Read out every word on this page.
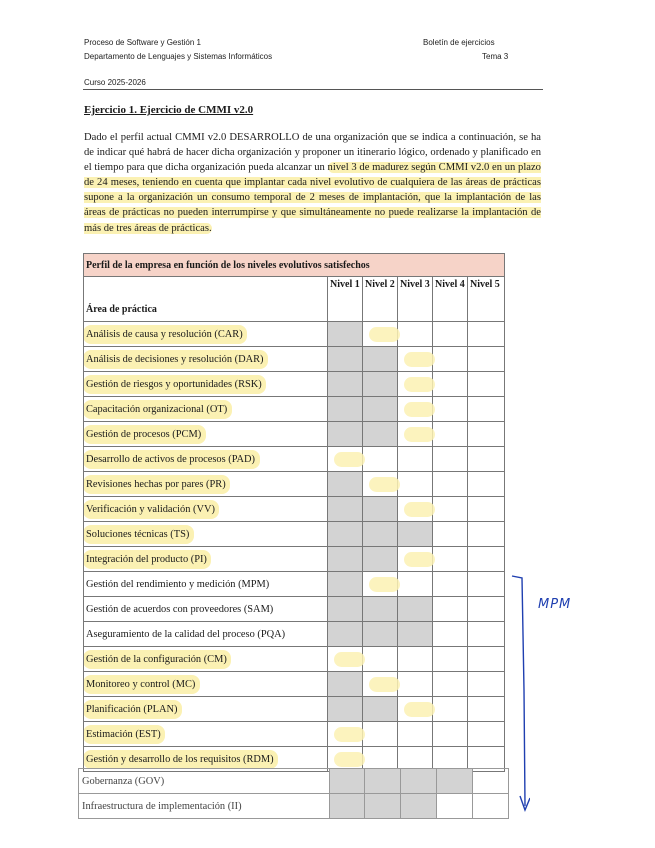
Proceso de Software y Gestión 1
Departamento de Lenguajes y Sistemas Informáticos
Boletín de ejercicios
Tema 3
Curso 2025-2026
Ejercicio 1. Ejercicio de CMMI v2.0
Dado el perfil actual CMMI v2.0 DESARROLLO de una organización que se indica a continuación, se ha de indicar qué habrá de hacer dicha organización y proponer un itinerario lógico, ordenado y planificado en el tiempo para que dicha organización pueda alcanzar un nivel 3 de madurez según CMMI v2.0 en un plazo de 24 meses, teniendo en cuenta que implantar cada nivel evolutivo de cualquiera de las áreas de prácticas supone a la organización un consumo temporal de 2 meses de implantación, que la implantación de las áreas de prácticas no pueden interrumpirse y que simultáneamente no puede realizarse la implantación de más de tres áreas de prácticas.
Perfil de la empresa en función de los niveles evolutivos satisfechos					
Área de práctica	Nivel 1	Nivel 2	Nivel 3	Nivel 4	Nivel 5
Análisis de causa y resolución (CAR)					
Análisis de decisiones y resolución (DAR)					
Gestión de riesgos y oportunidades (RSK)					
Capacitación organizacional (OT)					
Gestión de procesos (PCM)					
Desarrollo de activos de procesos (PAD)					
Revisiones hechas por pares (PR)					
Verificación y validación (VV)					
Soluciones técnicas (TS)					
Integración del producto (PI)					
Gestión del rendimiento y medición (MPM)					
Gestión de acuerdos con proveedores (SAM)					
Aseguramiento de la calidad del proceso (PQA)					
Gestión de la configuración (CM)					
Monitoreo y control (MC)					
Planificación (PLAN)					
Estimación (EST)					
Gestión y desarrollo de los requisitos (RDM)					
Gobernanza (GOV)					
Infraestructura de implementación (II)					
MPM
